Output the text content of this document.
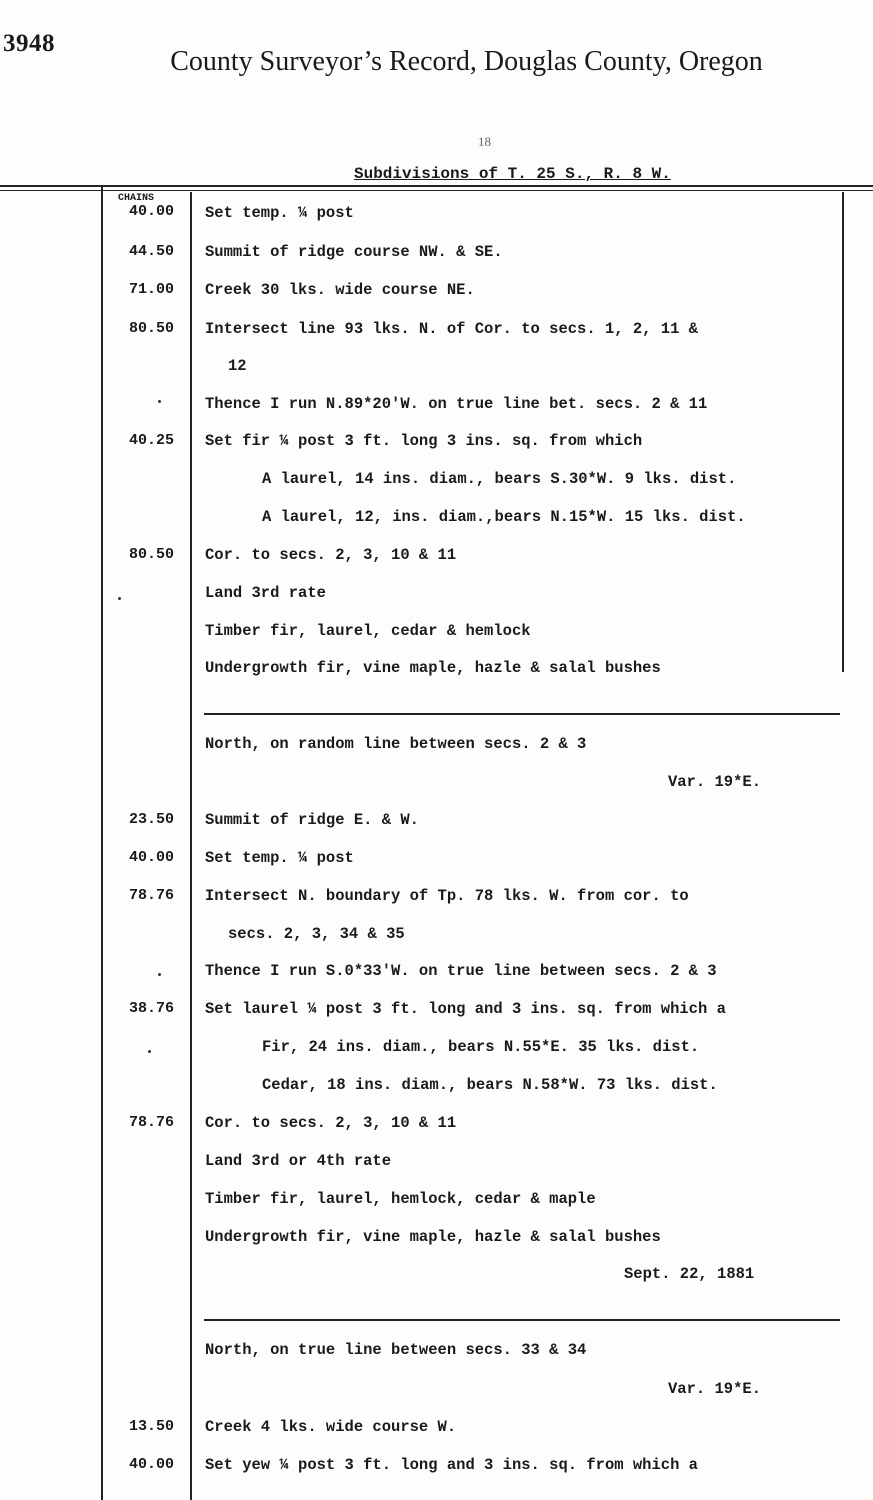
3948
County Surveyor’s Record, Douglas County, Oregon
18
Subdivisions of T. 25 S., R. 8 W.
CHAINS
40.00 Set temp. ¼ post
44.50 Summit of ridge course NW. & SE.
71.00 Creek 30 lks. wide course NE.
80.50 Intersect line 93 lks. N. of Cor. to secs. 1, 2, 11 &
12
Thence I run N.89*20'W. on true line bet. secs. 2 & 11
40.25 Set fir ¼ post 3 ft. long 3 ins. sq. from which
A laurel, 14 ins. diam., bears S.30*W. 9 lks. dist.
A laurel, 12, ins. diam.,bears N.15*W. 15 lks. dist.
80.50 Cor. to secs. 2, 3, 10 & 11
Land 3rd rate
Timber fir, laurel, cedar & hemlock
Undergrowth fir, vine maple, hazle & salal bushes
North, on random line between secs. 2 & 3
Var. 19*E.
23.50 Summit of ridge E. & W.
40.00 Set temp. ¼ post
78.76 Intersect N. boundary of Tp. 78 lks. W. from cor. to
secs. 2, 3, 34 & 35
Thence I run S.0*33'W. on true line between secs. 2 & 3
38.76 Set laurel ¼ post 3 ft. long and 3 ins. sq. from which a
Fir, 24 ins. diam., bears N.55*E. 35 lks. dist.
Cedar, 18 ins. diam., bears N.58*W. 73 lks. dist.
78.76 Cor. to secs. 2, 3, 10 & 11
Land 3rd or 4th rate
Timber fir, laurel, hemlock, cedar & maple
Undergrowth fir, vine maple, hazle & salal bushes
Sept. 22, 1881
North, on true line between secs. 33 & 34
Var. 19*E.
13.50 Creek 4 lks. wide course W.
40.00 Set yew ¼ post 3 ft. long and 3 ins. sq. from which a
